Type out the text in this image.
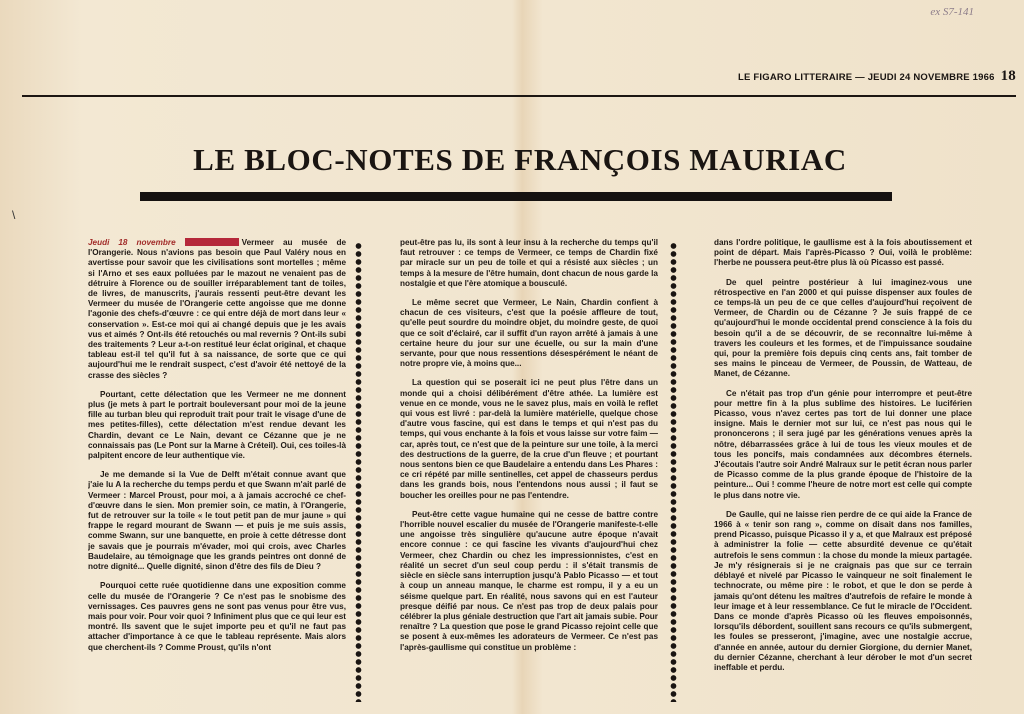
ex S7-141
LE FIGARO LITTERAIRE — JEUDI 24 NOVEMBRE 1966 18
LE BLOC-NOTES DE FRANÇOIS MAURIAC
\

Jeudi 18 novembre	Vermeer au musée de l'Orangerie. Nous n'avions pas besoin que Paul Valéry nous en avertisse pour savoir que les civilisations sont mortelles ; même si l'Arno et ses eaux polluées par le mazout ne venaient pas de détruire à Florence ou de souiller irréparablement tant de toiles, de livres, de manuscrits, j'aurais ressenti peut-être devant les Vermeer du musée de l'Orangerie cette angoisse que me donne l'agonie des chefs-d'œuvre : ce qui entre déjà de mort dans leur « conservation ». Est-ce moi qui ai changé depuis que je les avais vus et aimés ? Ont-ils été retouchés ou mal revernis ? Ont-ils subi des traitements ? Leur a-t-on restitué leur éclat original, et chaque tableau est-il tel qu'il fut à sa naissance, de sorte que ce qui aujourd'hui me le rendrait suspect, c'est d'avoir été nettoyé de la crasse des siècles ?

Pourtant, cette délectation que les Vermeer ne me donnent plus (je mets à part le portrait bouleversant pour moi de la jeune fille au turban bleu qui reproduit trait pour trait le visage d'une de mes petites-filles), cette délectation m'est rendue devant les Chardin, devant ce Le Nain, devant ce Cézanne que je ne connaissais pas (Le Pont sur la Marne à Créteil). Oui, ces toiles-là palpitent encore de leur authentique vie.

Je me demande si la Vue de Delft m'était connue avant que j'aie lu A la recherche du temps perdu et que Swann m'ait parlé de Vermeer : Marcel Proust, pour moi, a à jamais accroché ce chef-d'œuvre dans le sien. Mon premier soin, ce matin, à l'Orangerie, fut de retrouver sur la toile « le tout petit pan de mur jaune » qui frappe le regard mourant de Swann — et puis je me suis assis, comme Swann, sur une banquette, en proie à cette détresse dont je savais que je pourrais m'évader, moi qui crois, avec Charles Baudelaire, au témoignage que les grands peintres ont donné de notre dignité... Quelle dignité, sinon d'être des fils de Dieu ?

Pourquoi cette ruée quotidienne dans une exposition comme celle du musée de l'Orangerie ? Ce n'est pas le snobisme des vernissages. Ces pauvres gens ne sont pas venus pour être vus, mais pour voir. Pour voir quoi ? Infiniment plus que ce qui leur est montré. Ils savent que le sujet importe peu et qu'il ne faut pas attacher d'importance à ce que le tableau représente. Mais alors que cherchent-ils ? Comme Proust, qu'ils n'ont

peut-être pas lu, ils sont à leur insu à la recherche du temps qu'il faut retrouver : ce temps de Vermeer, ce temps de Chardin fixé par miracle sur un peu de toile et qui a résisté aux siècles ; un temps à la mesure de l'être humain, dont chacun de nous garde la nostalgie et que l'ère atomique a bousculé.

Le même secret que Vermeer, Le Nain, Chardin confient à chacun de ces visiteurs, c'est que la poésie affleure de tout, qu'elle peut sourdre du moindre objet, du moindre geste, de quoi que ce soit d'éclairé, car il suffit d'un rayon arrêté à jamais à une certaine heure du jour sur une écuelle, ou sur la main d'une servante, pour que nous ressentions désespérément le néant de notre propre vie, à moins que...

La question qui se poserait ici ne peut plus l'être dans un monde qui a choisi délibérément d'être athée. La lumière est venue en ce monde, vous ne le savez plus, mais en voilà le reflet qui vous est livré : par-delà la lumière matérielle, quelque chose d'autre vous fascine, qui est dans le temps et qui n'est pas du temps, qui vous enchante à la fois et vous laisse sur votre faim — car, après tout, ce n'est que de la peinture sur une toile, à la merci des destructions de la guerre, de la crue d'un fleuve ; et pourtant nous sentons bien ce que Baudelaire a entendu dans Les Phares : ce cri répété par mille sentinelles, cet appel de chasseurs perdus dans les grands bois, nous l'entendons nous aussi ; il faut se boucher les oreilles pour ne pas l'entendre.

Peut-être cette vague humaine qui ne cesse de battre contre l'horrible nouvel escalier du musée de l'Orangerie manifeste-t-elle une angoisse très singulière qu'aucune autre époque n'avait encore connue : ce qui fascine les vivants d'aujourd'hui chez Vermeer, chez Chardin ou chez les impressionnistes, c'est en réalité un secret d'un seul coup perdu : il s'était transmis de siècle en siècle sans interruption jusqu'à Pablo Picasso — et tout à coup un anneau manque, le charme est rompu, il y a eu un séisme quelque part. En réalité, nous savons qui en est l'auteur presque déifié par nous. Ce n'est pas trop de deux palais pour célébrer la plus géniale destruction que l'art ait jamais subie. Pour renaître ? La question que pose le grand Picasso rejoint celle que se posent à eux-mêmes les adorateurs de Vermeer. Ce n'est pas l'après-gaullisme qui constitue un problème :

dans l'ordre politique, le gaullisme est à la fois aboutissement et point de départ. Mais l'après-Picasso ? Oui, voilà le problème: l'herbe ne poussera peut-être plus là où Picasso est passé.

De quel peintre postérieur à lui imaginez-vous une rétrospective en l'an 2000 et qui puisse dispenser aux foules de ce temps-là un peu de ce que celles d'aujourd'hui reçoivent de Vermeer, de Chardin ou de Cézanne ? Je suis frappé de ce qu'aujourd'hui le monde occidental prend conscience à la fois du besoin qu'il a de se découvrir, de se reconnaître lui-même à travers les couleurs et les formes, et de l'impuissance soudaine qui, pour la première fois depuis cinq cents ans, fait tomber de ses mains le pinceau de Vermeer, de Poussin, de Watteau, de Manet, de Cézanne.

Ce n'était pas trop d'un génie pour interrompre et peut-être pour mettre fin à la plus sublime des histoires. Le luciférien Picasso, vous n'avez certes pas tort de lui donner une place insigne. Mais le dernier mot sur lui, ce n'est pas nous qui le prononcerons ; il sera jugé par les générations venues après la nôtre, débarrassées grâce à lui de tous les vieux moules et de tous les poncifs, mais condamnées aux décombres éternels. J'écoutais l'autre soir André Malraux sur le petit écran nous parler de Picasso comme de la plus grande époque de l'histoire de la peinture... Oui ! comme l'heure de notre mort est celle qui compte le plus dans notre vie.

De Gaulle, qui ne laisse rien perdre de ce qui aide la France de 1966 à « tenir son rang », comme on disait dans nos familles, prend Picasso, puisque Picasso il y a, et que Malraux est préposé à administrer la folie — cette absurdité devenue ce qu'était autrefois le sens commun : la chose du monde la mieux partagée. Je m'y résignerais si je ne craignais pas que sur ce terrain déblayé et nivelé par Picasso le vainqueur ne soit finalement le technocrate, ou même pire : le robot, et que le don se perde à jamais qu'ont détenu les maîtres d'autrefois de refaire le monde à leur image et à leur ressemblance. Ce fut le miracle de l'Occident. Dans ce monde d'après Picasso où les fleuves empoisonnés, lorsqu'ils débordent, souillent sans recours ce qu'ils submergent, les foules se presseront, j'imagine, avec une nostalgie accrue, d'année en année, autour du dernier Giorgione, du dernier Manet, du dernier Cézanne, cherchant à leur dérober le mot d'un secret ineffable et perdu.
